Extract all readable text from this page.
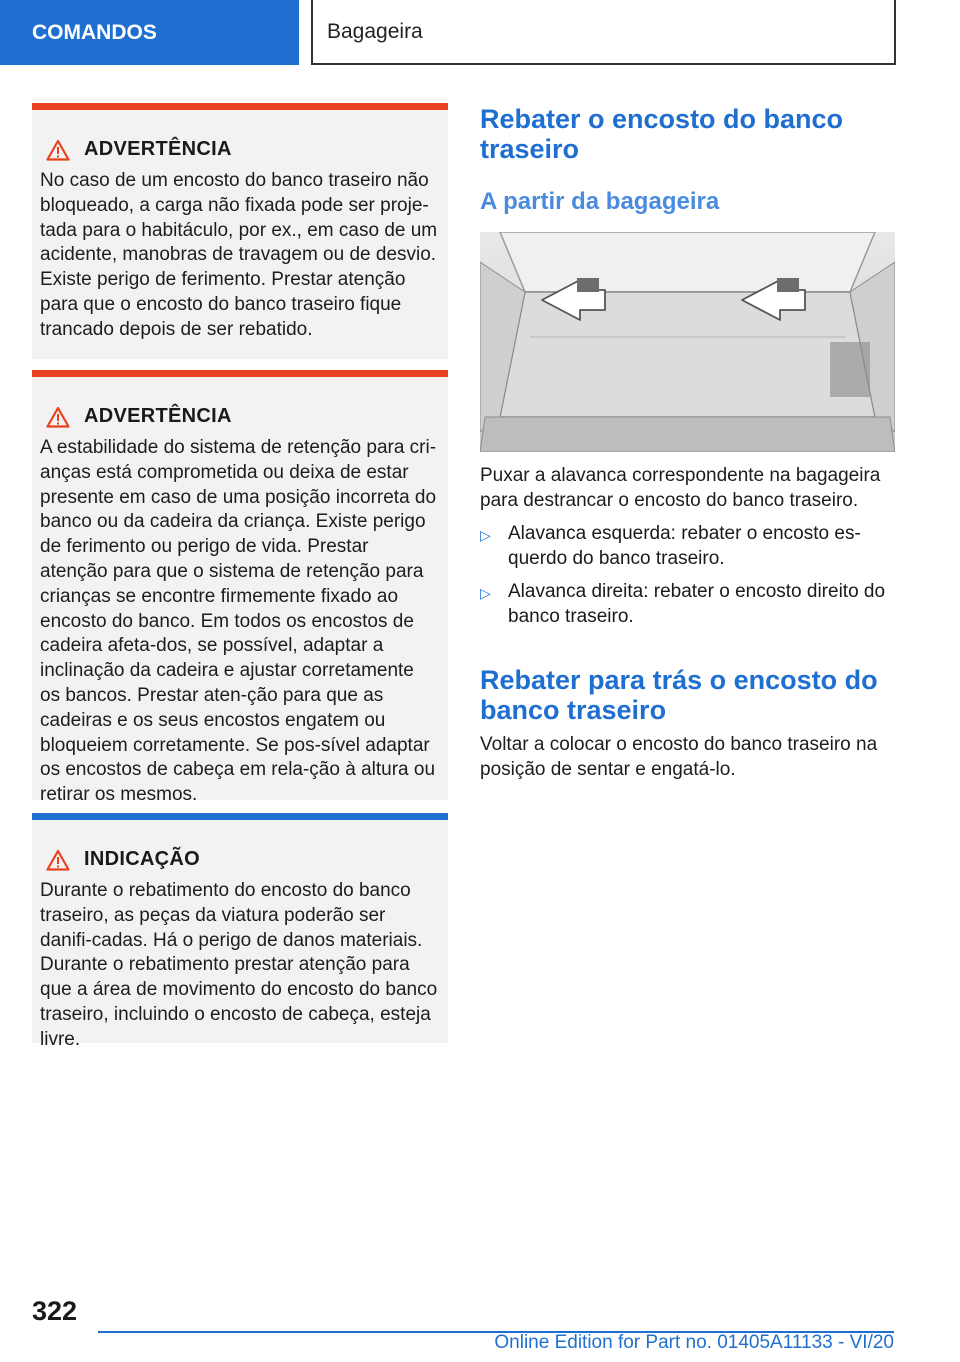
COMANDOS	Bagageira
ADVERTÊNCIA
No caso de um encosto do banco traseiro não bloqueado, a carga não fixada pode ser proje‐tada para o habitáculo, por ex., em caso de um acidente, manobras de travagem ou de desvio. Existe perigo de ferimento. Prestar atenção para que o encosto do banco traseiro fique trancado depois de ser rebatido.
ADVERTÊNCIA
A estabilidade do sistema de retenção para cri‐anças está comprometida ou deixa de estar presente em caso de uma posição incorreta do banco ou da cadeira da criança. Existe perigo de ferimento ou perigo de vida. Prestar atenção para que o sistema de retenção para crianças se encontre firmemente fixado ao encosto do banco. Em todos os encostos de cadeira afeta‐dos, se possível, adaptar a inclinação da cadeira e ajustar corretamente os bancos. Prestar aten‐ção para que as cadeiras e os seus encostos engatem ou bloqueiem corretamente. Se pos‐sível adaptar os encostos de cabeça em rela‐ção à altura ou retirar os mesmos.
INDICAÇÃO
Durante o rebatimento do encosto do banco traseiro, as peças da viatura poderão ser danifi‐cadas. Há o perigo de danos materiais. Durante o rebatimento prestar atenção para que a área de movimento do encosto do banco traseiro, incluindo o encosto de cabeça, esteja livre.
Rebater o encosto do banco traseiro
A partir da bagageira
Puxar a alavanca correspondente na bagageira para destrancar o encosto do banco traseiro.
▷ Alavanca esquerda: rebater o encosto es‐querdo do banco traseiro.
▷ Alavanca direita: rebater o encosto direito do banco traseiro.
Rebater para trás o encosto do banco traseiro
Voltar a colocar o encosto do banco traseiro na posição de sentar e engatá-lo.
322
Online Edition for Part no. 01405A11133 - VI/20
